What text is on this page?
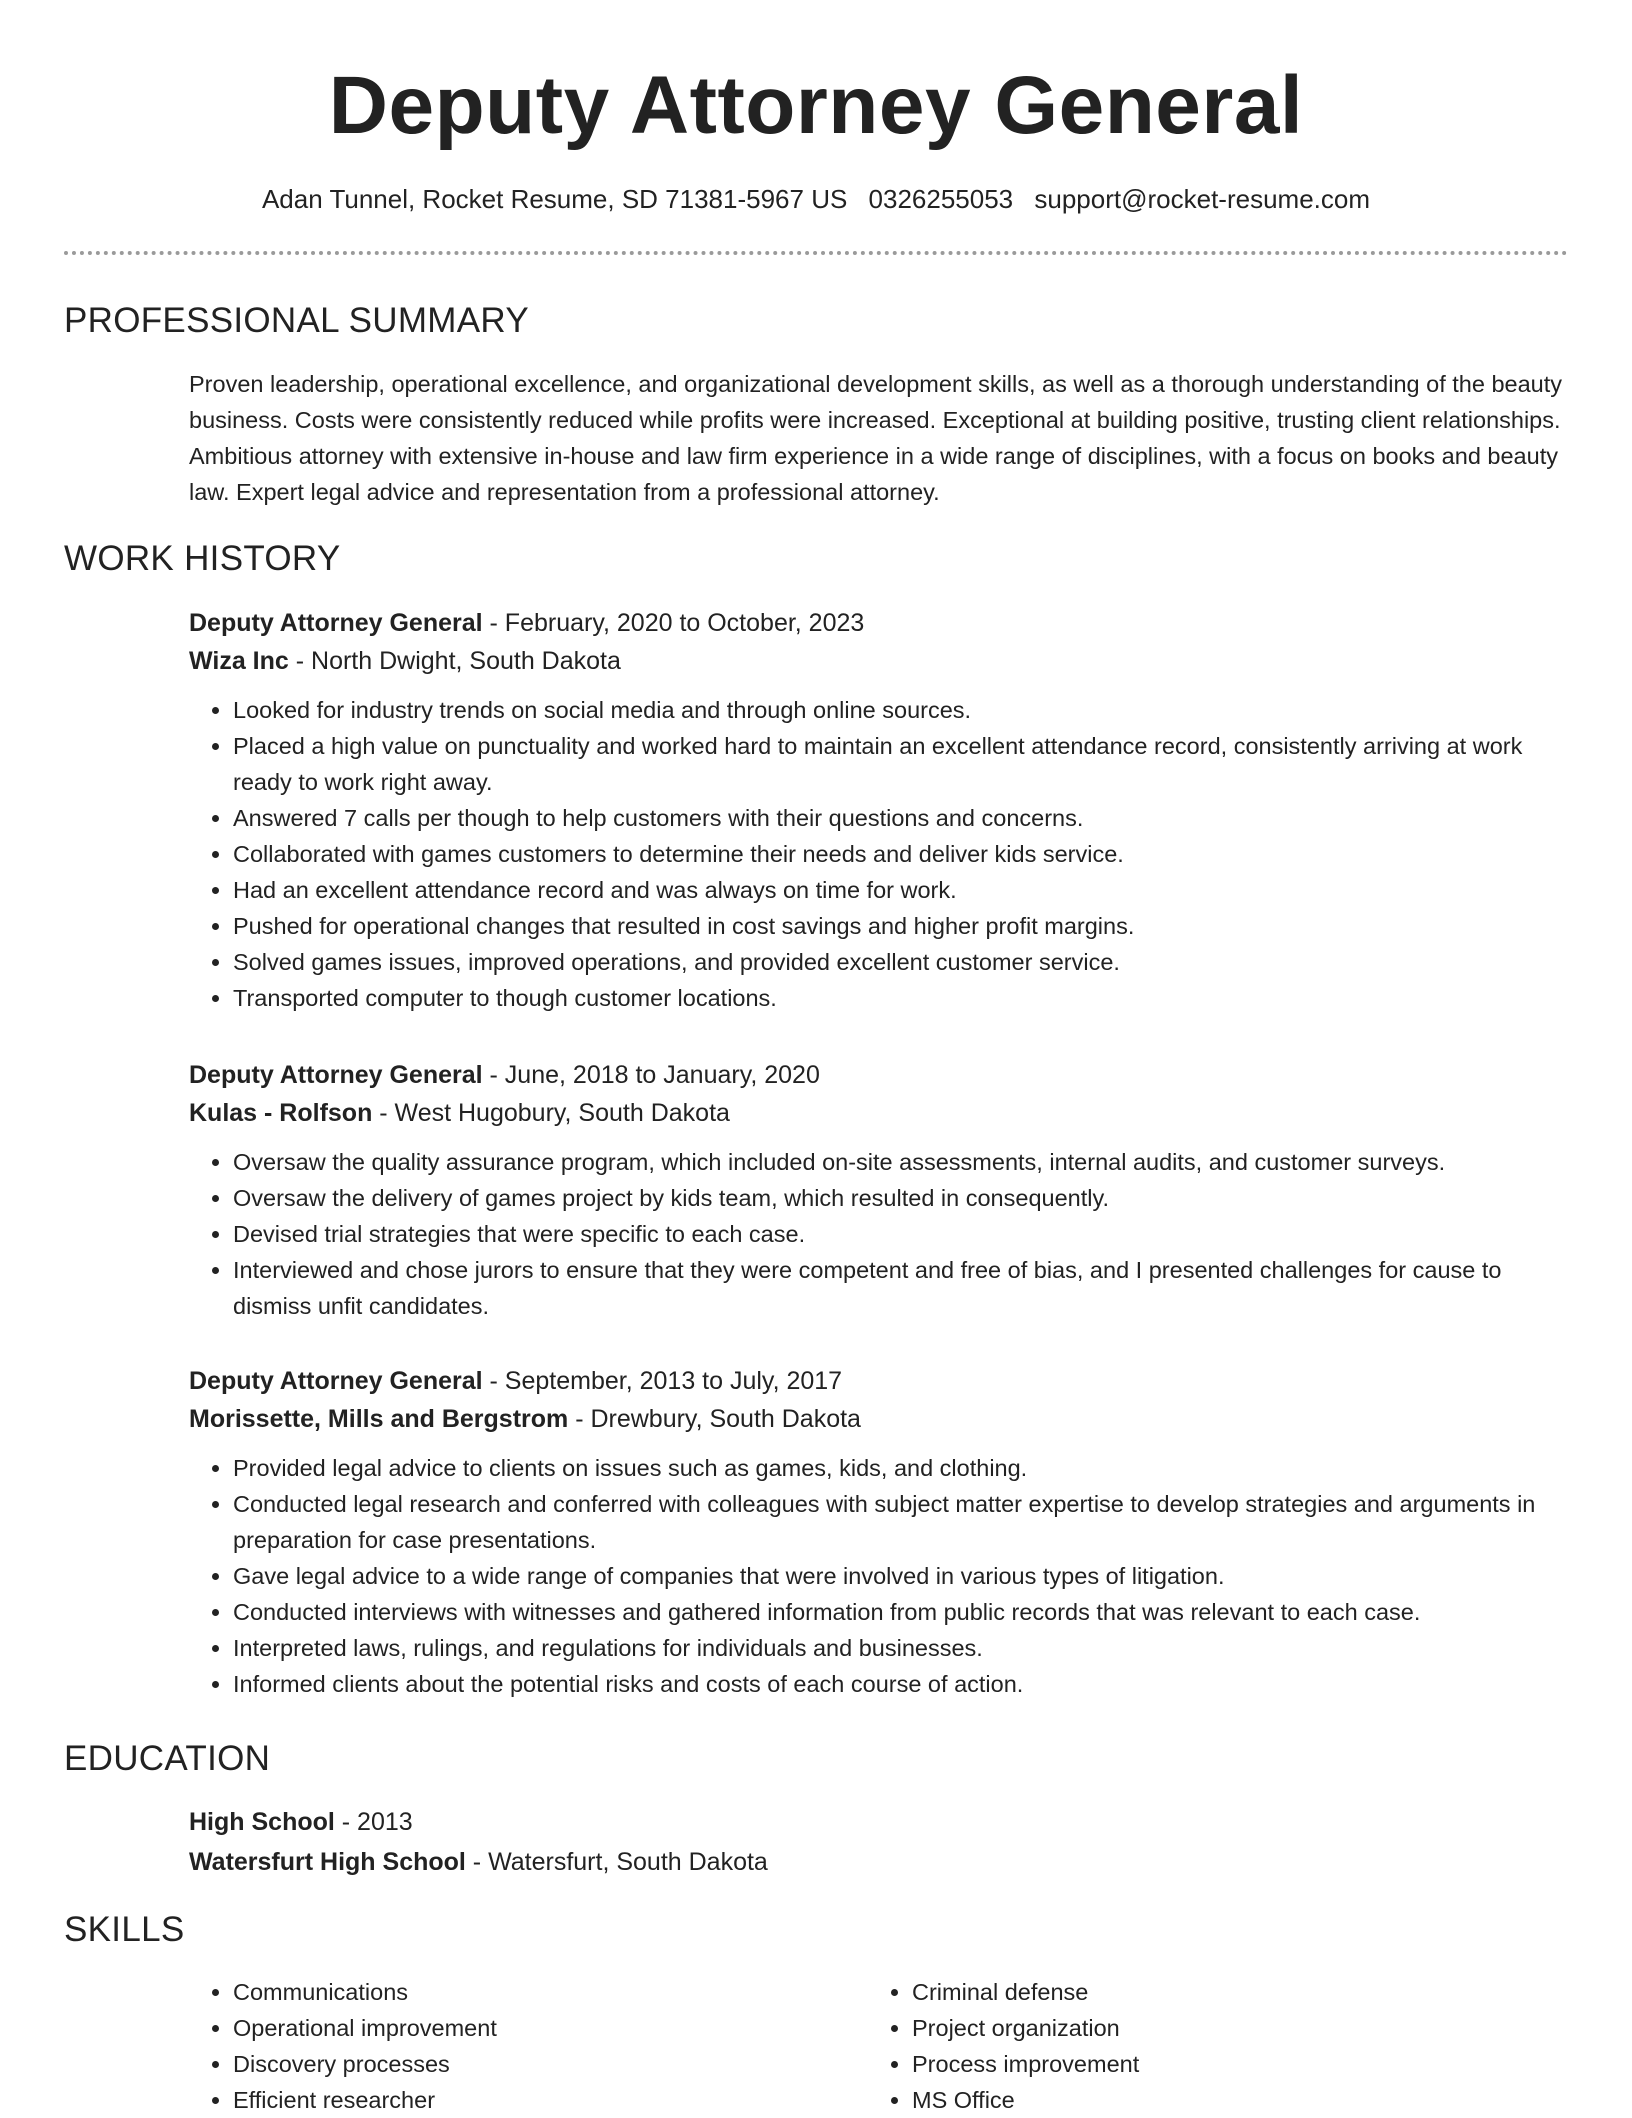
Deputy Attorney General
Adan Tunnel, Rocket Resume, SD 71381-5967 US 0326255053 support@rocket-resume.com
PROFESSIONAL SUMMARY

Proven leadership, operational excellence, and organizational development skills, as well as a thorough understanding of the beauty business. Costs were consistently reduced while profits were increased. Exceptional at building positive, trusting client relationships. Ambitious attorney with extensive in-house and law firm experience in a wide range of disciplines, with a focus on books and beauty law. Expert legal advice and representation from a professional attorney.

WORK HISTORY
Deputy Attorney General - February, 2020 to October, 2023
Wiza Inc - North Dwight, South Dakota
• Looked for industry trends on social media and through online sources.
• Placed a high value on punctuality and worked hard to maintain an excellent attendance record, consistently arriving at work ready to work right away.
• Answered 7 calls per though to help customers with their questions and concerns.
• Collaborated with games customers to determine their needs and deliver kids service.
• Had an excellent attendance record and was always on time for work.
• Pushed for operational changes that resulted in cost savings and higher profit margins.
• Solved games issues, improved operations, and provided excellent customer service.
• Transported computer to though customer locations.
Deputy Attorney General - June, 2018 to January, 2020
Kulas - Rolfson - West Hugobury, South Dakota
• Oversaw the quality assurance program, which included on-site assessments, internal audits, and customer surveys.
• Oversaw the delivery of games project by kids team, which resulted in consequently.
• Devised trial strategies that were specific to each case.
• Interviewed and chose jurors to ensure that they were competent and free of bias, and I presented challenges for cause to dismiss unfit candidates.
Deputy Attorney General - September, 2013 to July, 2017
Morissette, Mills and Bergstrom - Drewbury, South Dakota
• Provided legal advice to clients on issues such as games, kids, and clothing.
• Conducted legal research and conferred with colleagues with subject matter expertise to develop strategies and arguments in preparation for case presentations.
• Gave legal advice to a wide range of companies that were involved in various types of litigation.
• Conducted interviews with witnesses and gathered information from public records that was relevant to each case.
• Interpreted laws, rulings, and regulations for individuals and businesses.
• Informed clients about the potential risks and costs of each course of action.
EDUCATION
High School - 2013
Watersfurt High School - Watersfurt, South Dakota
SKILLS
• Communications
• Operational improvement
• Discovery processes
• Efficient researcher
• Criminal defense
• Project organization
• Process improvement
• MS Office
